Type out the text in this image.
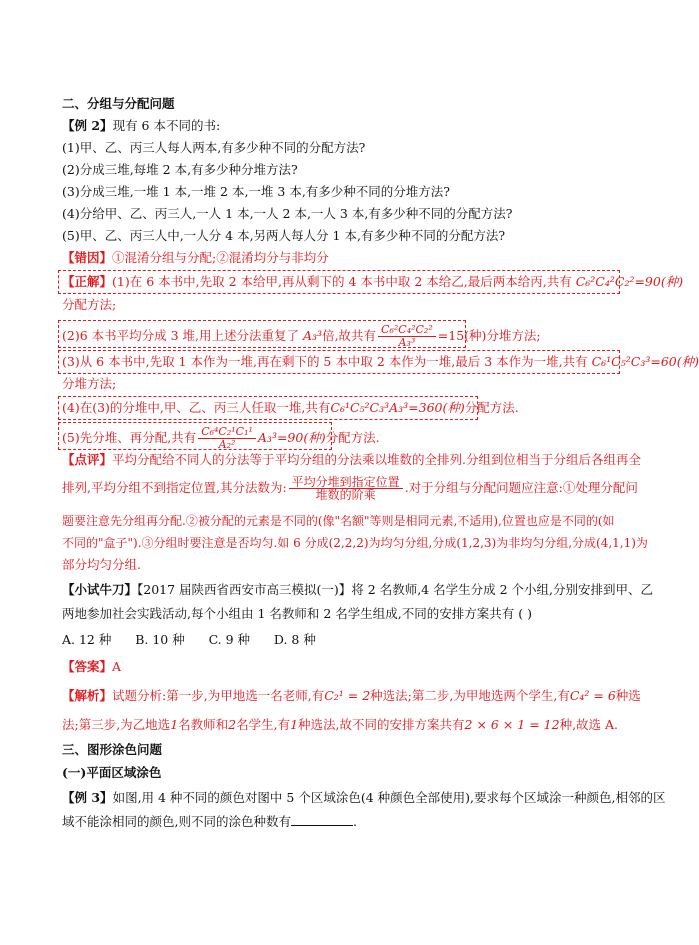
二、分组与分配问题
【例 2】现有 6 本不同的书:
(1)甲、乙、丙三人每人两本,有多少种不同的分配方法?
(2)分成三堆,每堆 2 本,有多少种分堆方法?
(3)分成三堆,一堆 1 本,一堆 2 本,一堆 3 本,有多少种不同的分堆方法?
(4)分给甲、乙、丙三人,一人 1 本,一人 2 本,一人 3 本,有多少种不同的分配方法?
(5)甲、乙、丙三人中,一人分 4 本,另两人每人分 1 本,有多少种不同的分配方法?
【错因】①混淆分组与分配;②混淆均分与非均分
【正解】(1)在 6 本书中,先取 2 本给甲,再从剩下的 4 本书中取 2 本给乙,最后两本给丙,共有 C₆²C₄²C₂²=90(种)
分配方法;
(2)6 本书平均分成 3 堆,用上述分法重复了 A₃³倍,故共有 $\frac{\text{C₆²C₄²C₂²}}{\text{A₃³}} =15$(种)分堆方法;
(3)从 6 本书中,先取 1 本作为一堆,再在剩下的 5 本中取 2 本作为一堆,最后 3 本作为一堆,共有 C₆¹C₅²C₃³=60(种)
分堆方法;
(4)在(3)的分堆中,甲、乙、丙三人任取一堆,共有C₆¹C₅²C₃³A₃³=360(种)分配方法.
(5)先分堆、再分配,共有 $\frac{\text{C₆⁴C₂¹C₁¹}}{\text{A₂²}} A_3^3=90$(种)分配方法.
【点评】平均分配给不同人的分法等于平均分组的分法乘以堆数的全排列.分组到位相当于分组后各组再全
排列,平均分组不到指定位置,其分法数为: $\frac{\text{平均分堆到指定位置}}{\text{堆数的阶乘}}$ .对于分组与分配问题应注意:①处理分配问
题要注意先分组再分配.②被分配的元素是不同的(像"名额"等则是相同元素,不适用),位置也应是不同的(如
不同的"盒子").③分组时要注意是否均匀.如 6 分成(2,2,2)为均匀分组,分成(1,2,3)为非均匀分组,分成(4,1,1)为
部分均匀分组.
【小试牛刀】【2017 届陕西省西安市高三模拟(一)】将 2 名教师,4 名学生分成 2 个小组,分别安排到甲、乙
两地参加社会实践活动,每个小组由 1 名教师和 2 名学生组成,不同的安排方案共有 ( )
A. 12 种 B. 10 种 C. 9 种 D. 8 种
【答案】A
【解析】试题分析:第一步,为甲地选一名老师,有C₂¹ = 2种选法;第二步,为甲地选两个学生,有C₄² = 6种选
法;第三步,为乙地选1名教师和2名学生,有1种选法,故不同的安排方案共有2 × 6 × 1 = 12种,故选 A.
三、图形涂色问题
(一)平面区域涂色
【例 3】如图,用 4 种不同的颜色对图中 5 个区域涂色(4 种颜色全部使用),要求每个区域涂一种颜色,相邻的区
域不能涂相同的颜色,则不同的涂色种数有	.
